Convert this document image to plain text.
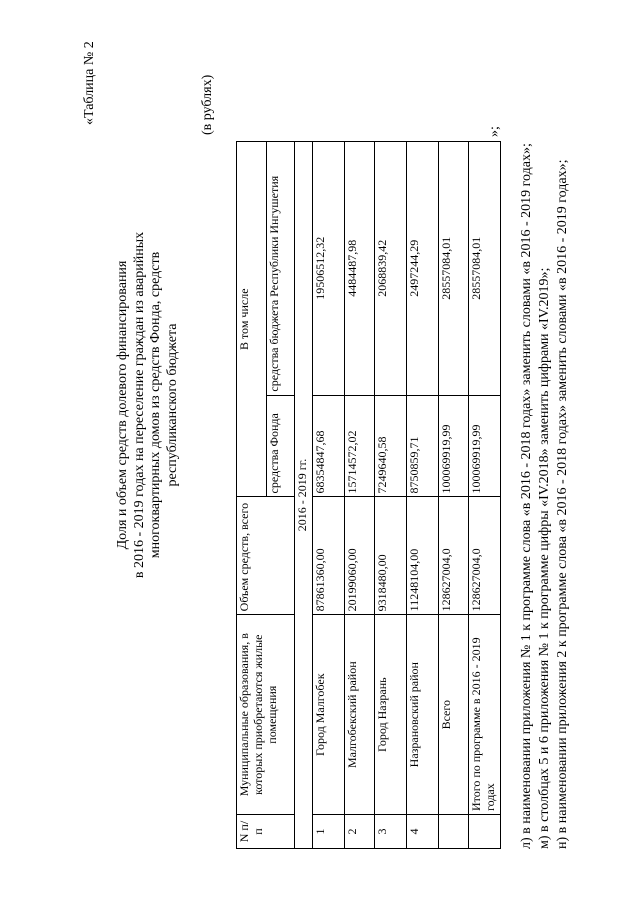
«Таблица № 2	(в рублях)
Доля и объем средств долевого финансирования в 2016 - 2019 годах на переселение граждан из аварийных многоквартирных домов из средств Фонда, средств республиканского бюджета
N п/п	Муниципальные образования, в которых приобретаются жилые помещения	Объем средств, всего	В том числе	
			средства Фонда	средства бюджета Республики Ингушетия
2016 - 2019 гг.				
1	Город Малгобек	87861360,00	68354847,68	19506512,32
2	Малгобекский район	20199060,00	15714572,02	4484487,98
3	Город Назрань	9318480,00	7249640,58	2068839,42
4	Назрановский район	11248104,00	8750859,71	2497244,29
	Всего	128627004,0	100069919,99	28557084,01
	Итого по программе в 2016 - 2019 годах	128627004,0	100069919,99	28557084,01
»;
л) в наименовании приложения № 1 к программе слова «в 2016 - 2018 годах» заменить словами «в 2016 - 2019 годах»; м) в столбцах 5 и 6 приложения № 1 к программе цифры «IV.2018» заменить цифрами «IV.2019»; н) в наименовании приложения 2 к программе слова «в 2016 - 2018 годах» заменить словами «в 2016 - 2019 годах»;
